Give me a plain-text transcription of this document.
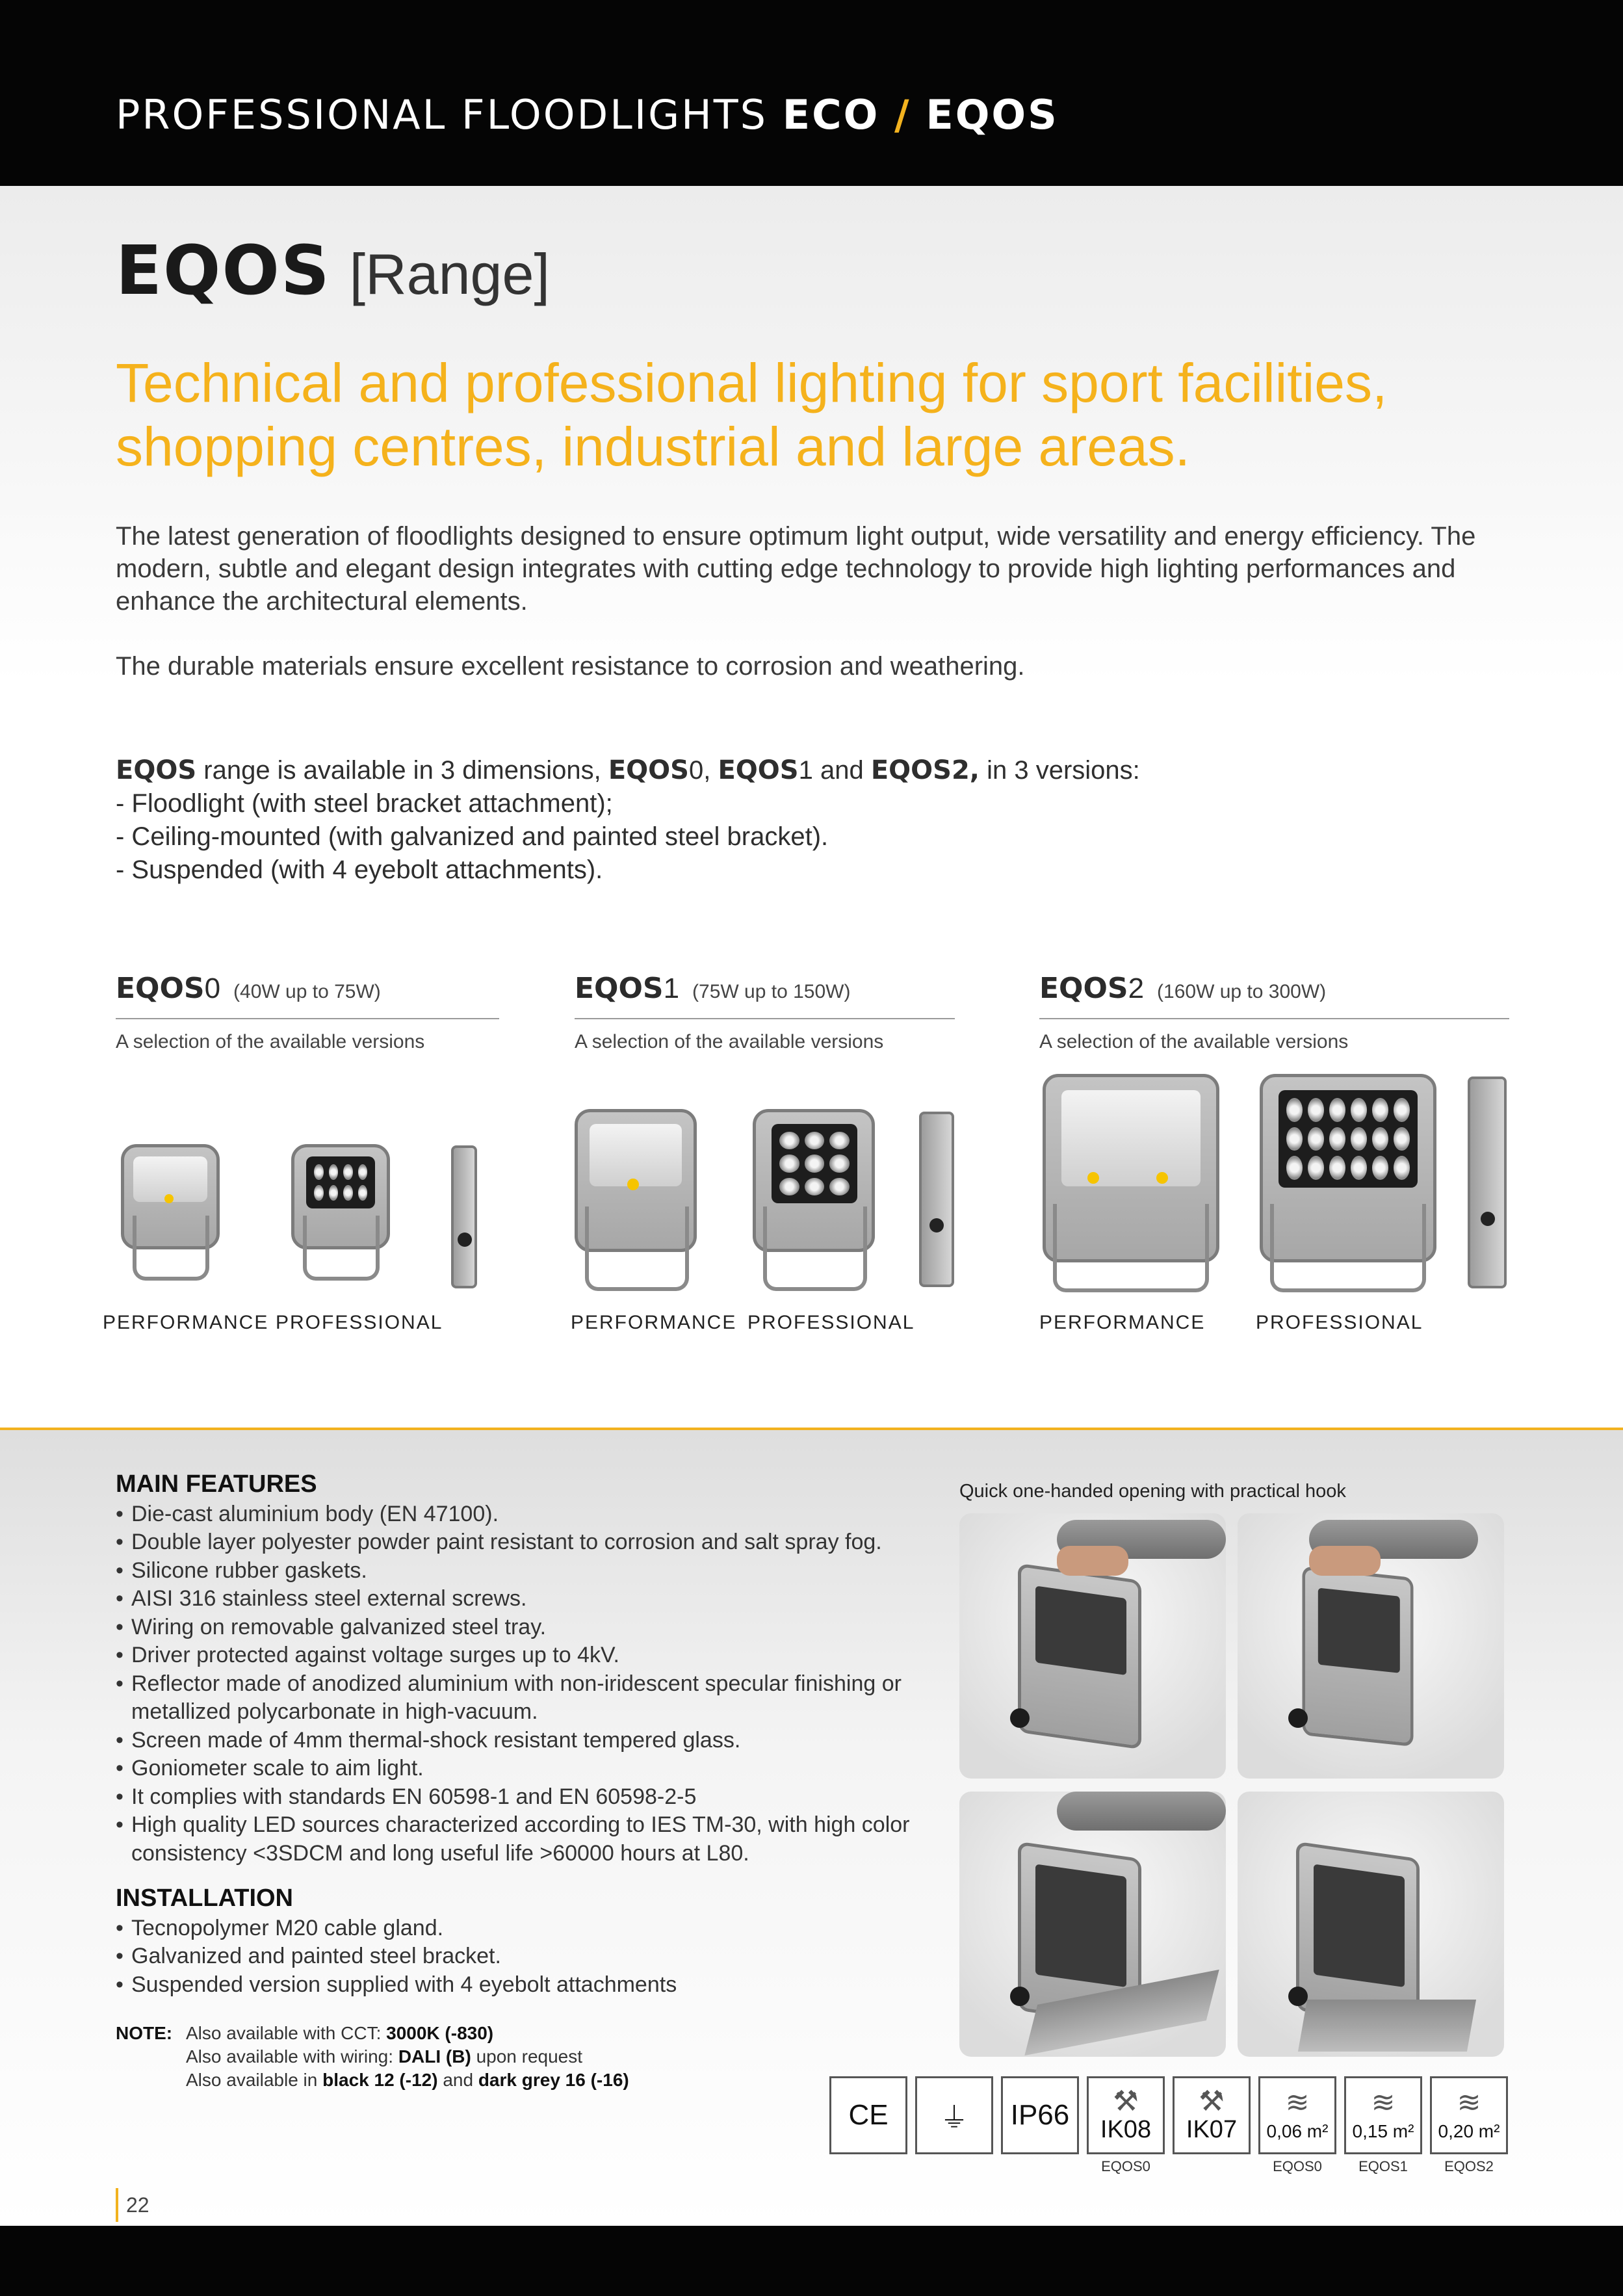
PROFESSIONAL FLOODLIGHTS ECO / EQOS
EQOS [Range]
Technical and professional lighting for sport facilities, shopping centres, industrial and large areas.

The latest generation of floodlights designed to ensure optimum light output, wide versatility and energy efficiency. The modern, subtle and elegant design integrates with cutting edge technology to provide high lighting performances and enhance the architectural elements.

The durable materials ensure excellent resistance to corrosion and weathering.

EQOS range is available in 3 dimensions, EQOS0, EQOS1 and EQOS2, in 3 versions:
- Floodlight (with steel bracket attachment);
- Ceiling-mounted (with galvanized and painted steel bracket).
- Suspended (with 4 eyebolt attachments).
EQOS0 (40W up to 75W)
A selection of the available versions
EQOS1 (75W up to 150W)
A selection of the available versions
EQOS2 (160W up to 300W)
A selection of the available versions
PERFORMANCE PROFESSIONAL	PERFORMANCE PROFESSIONAL	PERFORMANCE	PROFESSIONAL
MAIN FEATURES
• Die-cast aluminium body (EN 47100).
• Double layer polyester powder paint resistant to corrosion and salt spray fog.
• Silicone rubber gaskets.
• AISI 316 stainless steel external screws.
• Wiring on removable galvanized steel tray.
• Driver protected against voltage surges up to 4kV.
• Reflector made of anodized aluminium with non-iridescent specular finishing or metallized polycarbonate in high-vacuum.
• Screen made of 4mm thermal-shock resistant tempered glass.
• Goniometer scale to aim light.
• It complies with standards EN 60598-1 and EN 60598-2-5
• High quality LED sources characterized according to IES TM-30, with high color consistency <3SDCM and long useful life >60000 hours at L80.
INSTALLATION
• Tecnopolymer M20 cable gland.
• Galvanized and painted steel bracket.
• Suspended version supplied with 4 eyebolt attachments
NOTE: Also available with CCT: 3000K (-830)
Also available with wiring: DALI (B) upon request
Also available in black 12 (-12) and dark grey 16 (-16)
Quick one-handed opening with practical hook
CE ⏚ IP66 ⚒
IK08
⚒
IK07
≋
0,06 m²
≋
0,15 m²
≋
0,20 m²
EQOS0	EQOS0	EQOS1	EQOS2
22
